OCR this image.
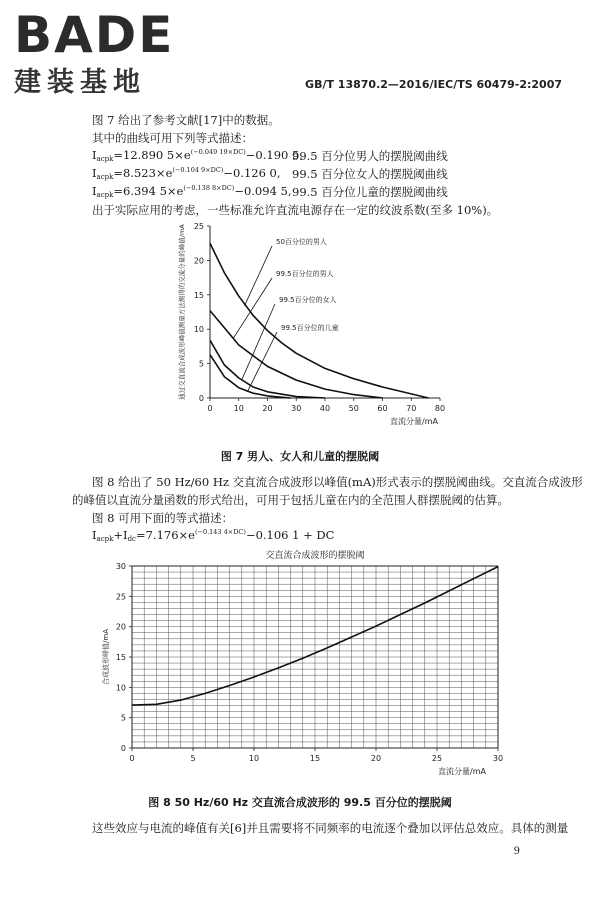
BADE
建装基地	GB/T 13870.2—2016/IEC/TS 60479-2:2007
图 7 给出了参考文献[17]中的数据。
其中的曲线可用下列等式描述：
$I_{acpk}=12.890$ $5\times e^{(-0.049 19\times DC)}-0.190$ 5,
99.5 百分位男人的摆脱阈曲线
$I_{acpk}=8.523\times e^{(-0.104 9\times DC)}-0.126$ 0, 99.5 百分位女人的摆脱阈曲线
$I_{acpk}=6.394$ $5\times e^{(-0.138 8\times DC)}-0.094$ 5, 99.5 百分位儿童的摆脱阈曲线
出于实际应用的考虑，一些标准允许直流电源存在一定的纹波系数(至多 10%)。
0	10 20 30 40 50 60 70 80
0
5
10
15
20
25
直流分量/mA
通过交直流合成波形峰值测量方法测得的交流分量的峰值/mA	50百分位的男人
99.5百分位的男人
99.5百分位的女人
99.5百分位的儿童
图 7 男人、女人和儿童的摆脱阈
图 8 给出了 50 Hz/60 Hz 交直流合成波形以峰值(mA)形式表示的摆脱阈曲线。交直流合成波形
的峰值以直流分量函数的形式给出，可用于包括儿童在内的全范围人群摆脱阈的估算。
图 8 可用下面的等式描述：
$I_{acpk}+I_{dc}=7.176\times e^{(-0.143 4\times DC)}-0.106$ 1 + DC
交直流合成波形的摆脱阈
0	5	10	15	20	25	30
0
5
10
15
20
25
30
直流分量/mA
合成波形峰值/mA
图 8 50 Hz/60 Hz 交直流合成波形的 99.5 百分位的摆脱阈
这些效应与电流的峰值有关[6]并且需要将不同频率的电流逐个叠加以评估总效应。具体的测量
9
